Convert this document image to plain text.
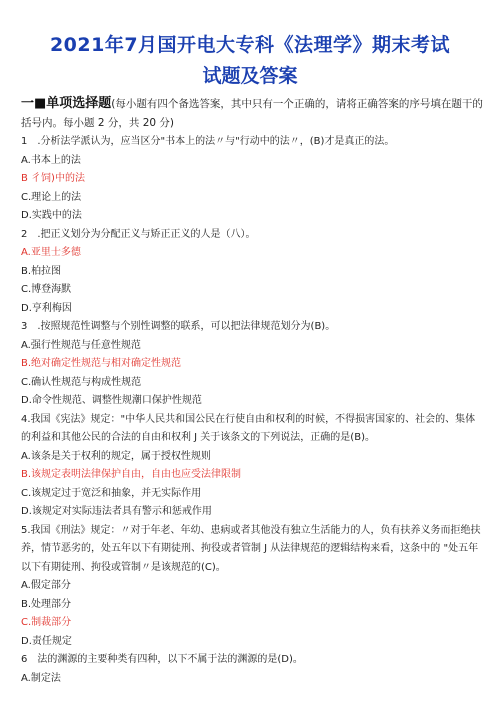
2021年7月国开电大专科《法理学》期末考试
试题及答案
一■单项选择题(每小题有四个备选答案，其中只有一个正确的，请将正确答案的序号填在题干的括号内。每小题 2 分，共 20 分)
1　.分析法学派认为，应当区分"书本上的法〃与"行动中的法〃，(B)才是真正的法。
A.书本上的法
B 彳饲)中的法
C.理论上的法
D.实践中的法
2　.把正义划分为分配正义与矫正正义的人是（八）。
A.亚里士多德
B.柏拉图
C.博登海默
D.亨利梅因
3　.按照规范性调整与个别性调整的联系，可以把法律规范划分为(B)。
A.强行性规范与任意性规范
B.绝对确定性规范与相对确定性规范
C.确认性规范与构成性规范
D.命令性规范、调整性规潮口保护性规范
4.我国《宪法》规定："中华人民共和国公民在行使自由和权利的时候，不得损害国家的、社会的、集体的利益和其他公民的合法的自由和权利 J 关于该条文的下列说法，正确的是(B)。
A.该条是关于权利的规定，属于授权性规则
B.该规定表明法律保护自由，自由也应受法律限制
C.该规定过于宽泛和抽象，并无实际作用
D.该规定对实际违法者具有警示和惩戒作用
5.我国《刑法》规定：〃对于年老、年幼、患病或者其他没有独立生活能力的人，负有扶养义务而拒绝扶养，情节恶劣的，处五年以下有期徒刑、拘役或者管制 J 从法律规范的逻辑结构来看，这条中的 "处五年以下有期徒刑、拘役或管制〃是该规范的(C)。
A.假定部分
B.处理部分
C.制裁部分
D.责任规定
6　法的渊源的主要种类有四种，以下不属于法的渊源的是(D)。
A.制定法
